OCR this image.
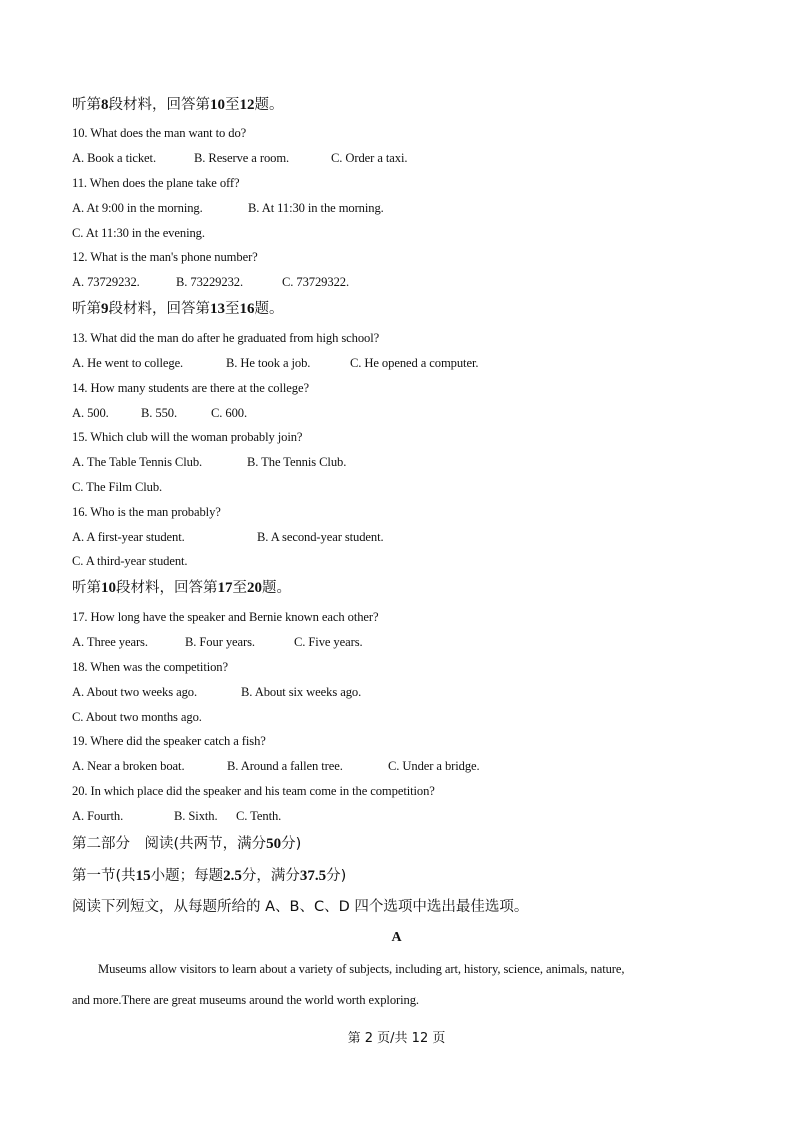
听第8段材料，回答第10至12题。
10. What does the man want to do?
A. Book a ticket.	B. Reserve a room.	C. Order a taxi.
11. When does the plane take off?
A. At 9:00 in the morning.	B. At 11:30 in the morning.
C. At 11:30 in the evening.
12. What is the man's phone number?
A. 73729232.	B. 73229232.	C. 73729322.
听第9段材料，回答第13至16题。
13. What did the man do after he graduated from high school?
A. He went to college.	B. He took a job.	C. He opened a computer.
14. How many students are there at the college?
A. 500.	B. 550.	C. 600.
15. Which club will the woman probably join?
A. The Table Tennis Club.	B. The Tennis Club.
C. The Film Club.
16. Who is the man probably?
A. A first-year student.	B. A second-year student.
C. A third-year student.
听第10段材料，回答第17至20题。
17. How long have the speaker and Bernie known each other?
A. Three years.	B. Four years.	C. Five years.
18. When was the competition?
A. About two weeks ago.	B. About six weeks ago.
C. About two months ago.
19. Where did the speaker catch a fish?
A. Near a broken boat.	B. Around a fallen tree.	C. Under a bridge.
20. In which place did the speaker and his team come in the competition?
A. Fourth.	B. Sixth. C. Tenth.
第二部分　阅读(共两节，满分50分)
第一节(共15小题；每题2.5分，满分37.5分)
阅读下列短文，从每题所给的 A、B、C、D 四个选项中选出最佳选项。
A
Museums allow visitors to learn about a variety of subjects, including art, history, science, animals, nature,
and more.There are great museums around the world worth exploring.
第 2 页/共 12 页
